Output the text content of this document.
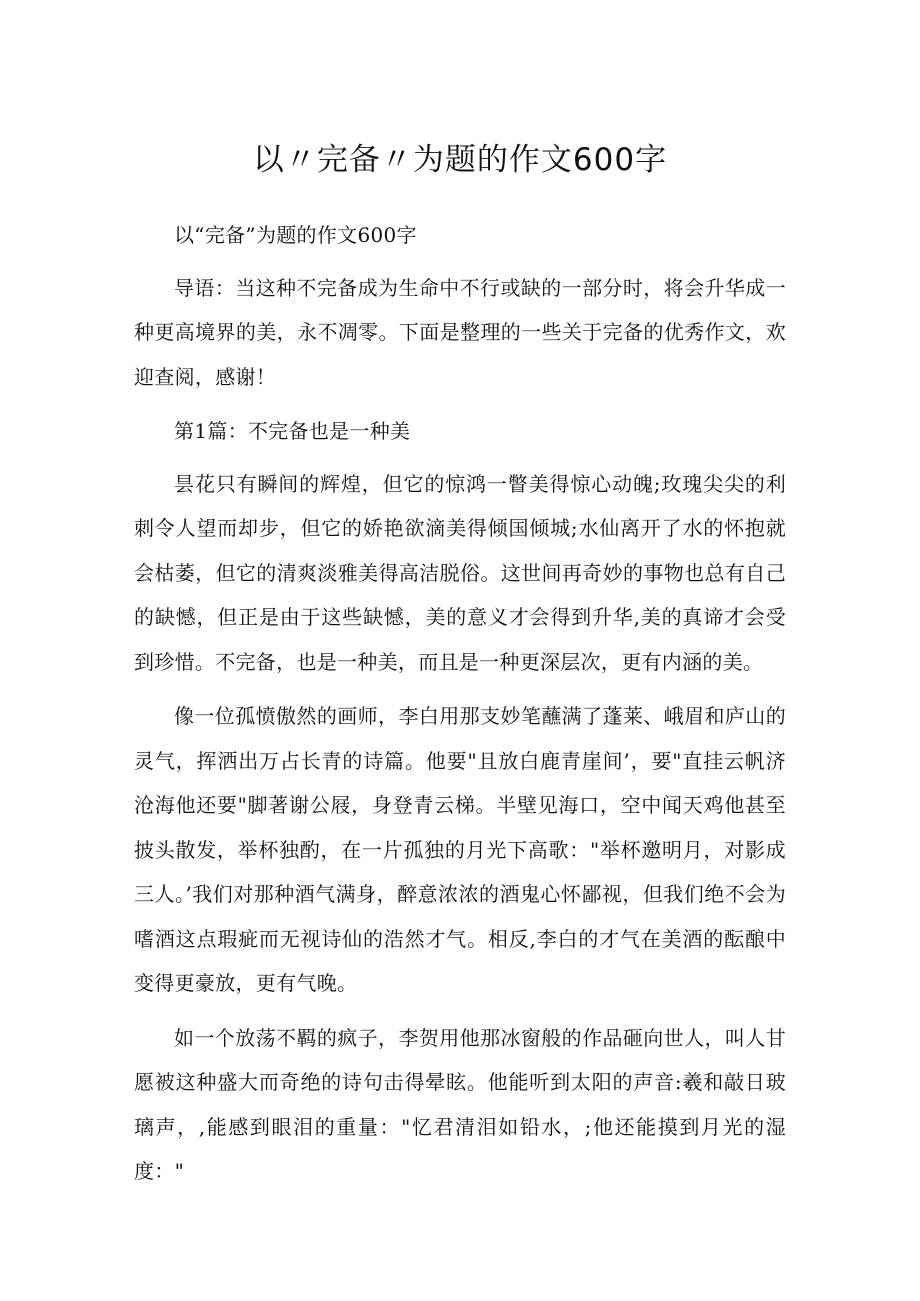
以〃完备〃为题的作文600字

以“完备”为题的作文600字

导语：当这种不完备成为生命中不行或缺的一部分时，将会升华成一种更高境界的美，永不凋零。下面是整理的一些关于完备的优秀作文，欢迎查阅，感谢！

第1篇：不完备也是一种美

昙花只有瞬间的辉煌，但它的惊鸿一瞥美得惊心动魄;玫瑰尖尖的利刺令人望而却步，但它的娇艳欲滴美得倾国倾城;水仙离开了水的怀抱就会枯萎，但它的清爽淡雅美得高洁脱俗。这世间再奇妙的事物也总有自己的缺憾，但正是由于这些缺憾，美的意义才会得到升华,美的真谛才会受到珍惜。不完备，也是一种美，而且是一种更深层次，更有内涵的美。

像一位孤愤傲然的画师，李白用那支妙笔蘸满了蓬莱、峨眉和庐山的灵气，挥洒出万占长青的诗篇。他要"且放白鹿青崖间’，要"直挂云帆济沧海他还要"脚著谢公屐，身登青云梯。半壁见海口，空中闻天鸡他甚至披头散发，举杯独酌，在一片孤独的月光下高歌："举杯邀明月，对影成三人。’我们对那种酒气满身，醉意浓浓的酒鬼心怀鄙视，但我们绝不会为嗜酒这点瑕疵而无视诗仙的浩然才气。相反,李白的才气在美酒的酝酿中变得更豪放，更有气晚。

如一个放荡不羁的疯子，李贺用他那冰窗般的作品砸向世人，叫人甘愿被这种盛大而奇绝的诗句击得晕眩。他能听到太阳的声音:羲和敲日玻璃声，,能感到眼泪的重量："忆君清泪如铅水，;他还能摸到月光的湿度："
